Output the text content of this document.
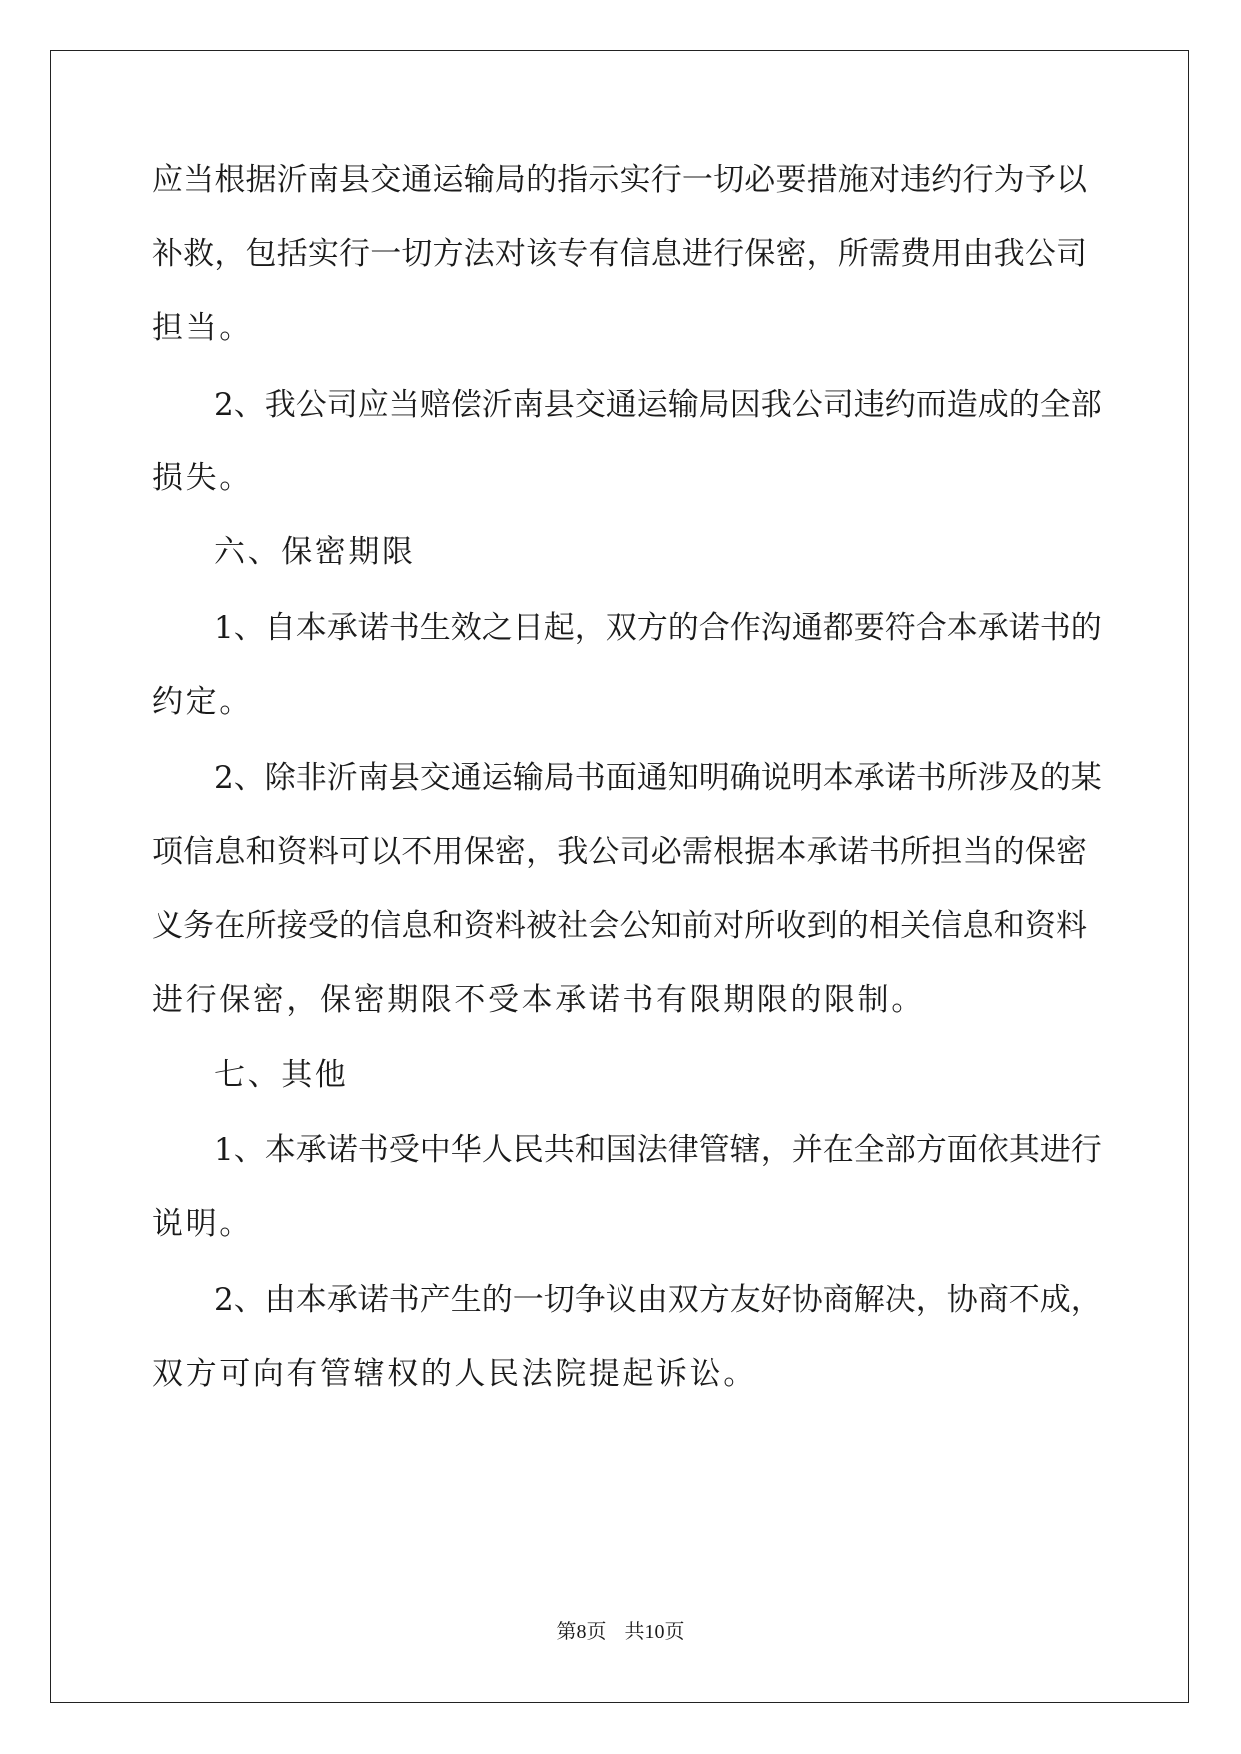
应当根据沂南县交通运输局的指示实行一切必要措施对违约行为予以
补救，包括实行一切方法对该专有信息进行保密，所需费用由我公司
担当。
2、我公司应当赔偿沂南县交通运输局因我公司违约而造成的全部
损失。
六、保密期限
1、自本承诺书生效之日起，双方的合作沟通都要符合本承诺书的
约定。
2、除非沂南县交通运输局书面通知明确说明本承诺书所涉及的某
项信息和资料可以不用保密，我公司必需根据本承诺书所担当的保密
义务在所接受的信息和资料被社会公知前对所收到的相关信息和资料
进行保密，保密期限不受本承诺书有限期限的限制。
七、其他
1、本承诺书受中华人民共和国法律管辖，并在全部方面依其进行
说明。
2、由本承诺书产生的一切争议由双方友好协商解决，协商不成，
双方可向有管辖权的人民法院提起诉讼。
第8页 共10页
